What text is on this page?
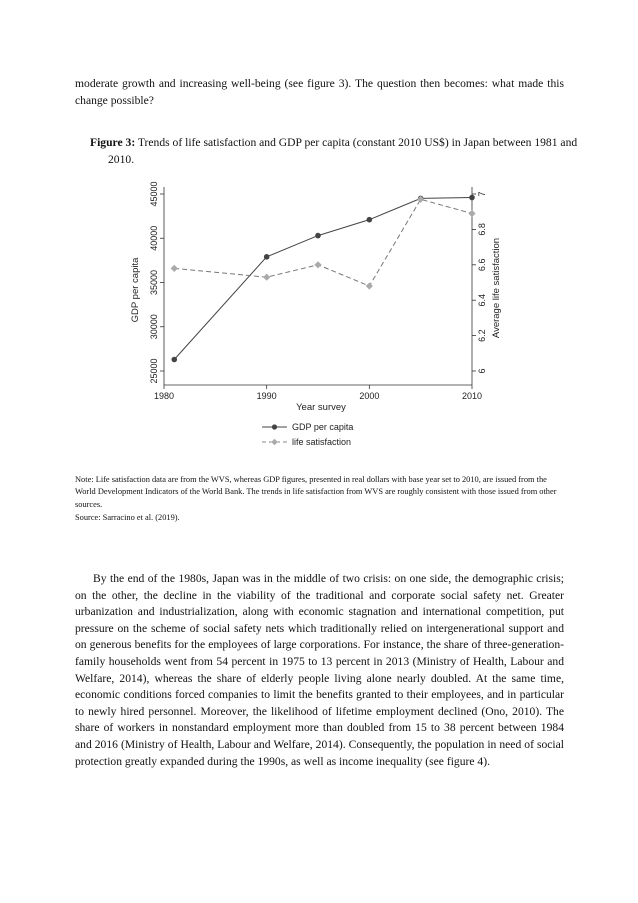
moderate growth and increasing well-being (see figure 3). The question then becomes: what made this change possible?

Figure 3: Trends of life satisfaction and GDP per capita (constant 2010 US$) in Japan between 1981 and 2010.

1980	1990	2000	2010
25000
30000
35000
40000
45000
6
6.2
6.4
6.6
6.8
7
Year survey
GDP per capita	Average life satisfaction
GDP per capita
life satisfaction

Note: Life satisfaction data are from the WVS, whereas GDP figures, presented in real dollars with base year set to 2010, are issued from the World Development Indicators of the World Bank. The trends in life satisfaction from WVS are roughly consistent with those issued from other sources.

Source: Sarracino et al. (2019).

By the end of the 1980s, Japan was in the middle of two crisis: on one side, the demographic crisis; on the other, the decline in the viability of the traditional and corporate social safety net. Greater urbanization and industrialization, along with economic stagnation and international competition, put pressure on the scheme of social safety nets which traditionally relied on intergenerational support and on generous benefits for the employees of large corporations. For instance, the share of three-generation-family households went from 54 percent in 1975 to 13 percent in 2013 (Ministry of Health, Labour and Welfare, 2014), whereas the share of elderly people living alone nearly doubled. At the same time, economic conditions forced companies to limit the benefits granted to their employees, and in particular to newly hired personnel. Moreover, the likelihood of lifetime employment declined (Ono, 2010). The share of workers in nonstandard employment more than doubled from 15 to 38 percent between 1984 and 2016 (Ministry of Health, Labour and Welfare, 2014). Consequently, the population in need of social protection greatly expanded during the 1990s, as well as income inequality (see figure 4).
